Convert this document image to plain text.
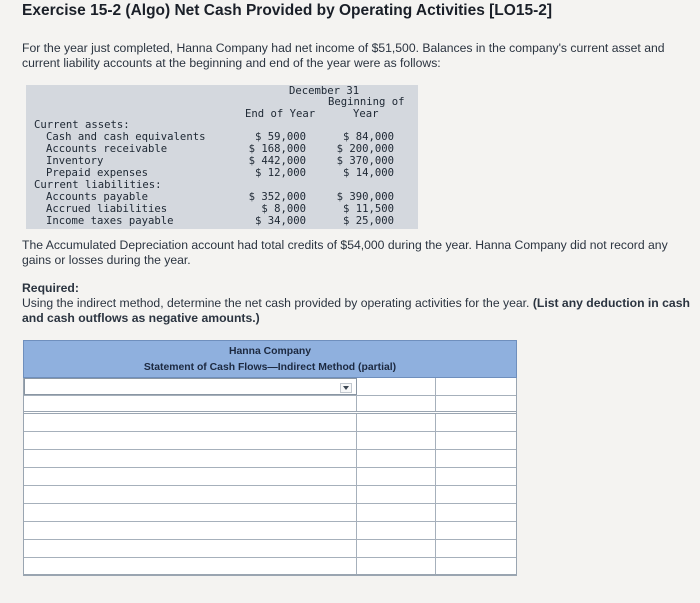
Exercise 15-2 (Algo) Net Cash Provided by Operating Activities [LO15-2]
For the year just completed, Hanna Company had net income of $51,500. Balances in the company's current asset and
current liability accounts at the beginning and end of the year were as follows:
December 31
Beginning of
End of Year	Year
Current assets:
Cash and cash equivalents	$ 59,000	$ 84,000
Accounts receivable	$ 168,000	$ 200,000
Inventory	$ 442,000	$ 370,000
Prepaid expenses	$ 12,000	$ 14,000
Current liabilities:
Accounts payable	$ 352,000	$ 390,000
Accrued liabilities	$ 8,000	$ 11,500
Income taxes payable	$ 34,000	$ 25,000
The Accumulated Depreciation account had total credits of $54,000 during the year. Hanna Company did not record any
gains or losses during the year.
Required:
Using the indirect method, determine the net cash provided by operating activities for the year. (List any deduction in cash
and cash outflows as negative amounts.)
Hanna Company
Statement of Cash Flows—Indirect Method (partial)
